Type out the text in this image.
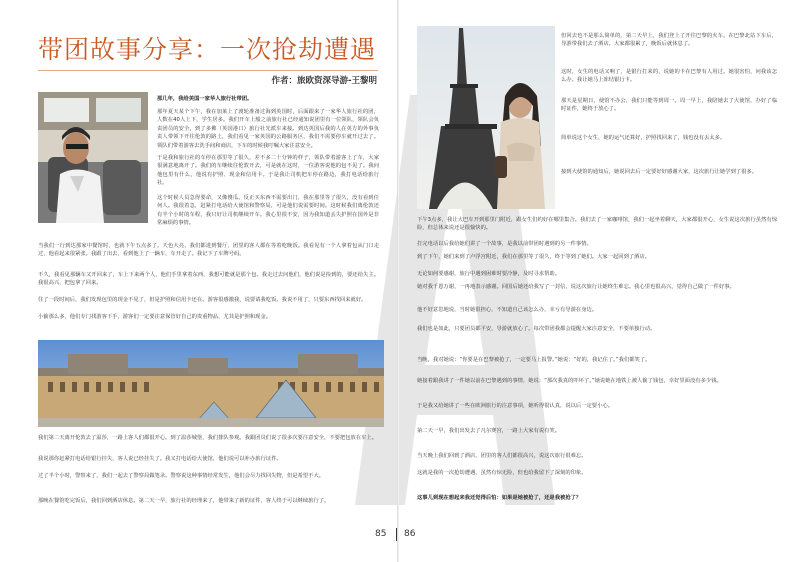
带团故事分享：一次抢劫遭遇
作者：旅欧资深导游-王黎明
那几年，我给美国一家华人旅行社带团。
那年夏天某个下午，我在加莱上了渡轮准备过海到英国时，后面跟来了一家华人旅行社的团，人数在40人上下，学生居多。我们开车上船之前旅行社已经通知说团里有一位领队，领队会负责团员的安全，到了多佛（英国港口）旅行社先派车来接。到达英国后我的人在英方的外事负责人带领下开往伦敦的路上，我们看见一家英国的公路服务区，我们不需要停车就开过去了。领队们带着游客去洗手间和商店，下车的时候我叮嘱大家注意安全。
于是我和旅行社的车停在那里等了很久，差不多二十分钟的样子，领队带着游客上了车，大家很满意地离开了。我们的车继续往伦敦开去，可是就在这时，一位游客说他的包不见了。我问他包里有什么，他说有护照、现金和信用卡。于是我让司机把车停在路边，我打电话给旅行社。
这个时候人员急得要命，又像傻瓜，反正买东西不需要出门，我在那里等了很久，没有看到任何人。我很着急，赶紧打电话给大使馆和警察局，可是他们说需要时间。这时候我们离伦敦还有半个小时的车程，我只好让司机继续开车。我心里很不安，因为我知道丢失护照在国外是非常麻烦的事情。
当我们一行到达那家中餐馆时，也就下午五点多了。天色大亮，我们都进到餐厅，团里的客人都在等着吃晚饭。我看见有一个人拿着包从门口走过，他看起来很紧张。我跟了出去，看到他上了一辆车，车开走了。我记下了车牌号码。
不久，我看见那辆车又开回来了，车上下来两个人，他们手里拿着东西，我想可能就是那个包。我走过去问他们，他们说是捡到的，要还给失主。我很高兴，把包拿了回来。
住了一段时间后，我们发现包里的现金不见了，但是护照和信用卡还在。游客很感激我，说要请我吃饭。我说不用了，只要东西找回来就好。
小偷那么多，他们专门找游客下手，游客们一定要注意保管好自己的贵重物品，尤其是护照和现金。
我们第二天离开伦敦去了温莎，一路上客人们都很开心。到了温莎城堡，我们排队参观。我跟团员们说了很多次要注意安全，不要把包放在车上。
我说那你赶紧打电话给银行挂失，客人说已经挂失了。我又打电话给大使馆，他们说可以补办旅行证件。
过了半个小时，警察来了，我们一起去了警察局做笔录。警察说这种事情经常发生，他们会尽力找回失物，但是希望不大。
那晚在餐馆吃完饭后，我们回到酒店休息。第二天一早，旅行社的经理来了，他带来了新的证件，客人终于可以继续旅行了。
85
但回去也不是那么简单的，第二天早上，我们登上了开往巴黎的火车。在巴黎北站下车后，导游带我们去了酒店。大家都很累了，晚饭后就休息了。
这时，女生的电话又响了，是银行打来的，说她的卡在巴黎有人用过。她很害怕，问我该怎么办。我让她马上冻结银行卡。
那天是星期日，使馆不办公，我们只能等到周一。周一早上，我陪她去了大使馆，办好了临时证件，她终于放心了。
简单说这个女生，她的运气还算好，护照找回来了，钱也没有丢太多。
接到大使馆的通知后，她说回去后一定要好好感谢大家，这次旅行让她学到了很多。
下午3点多，我让大巴车开到那里门附近，跟女生们约好在哪里集合。我们去了一家咖啡馆，我们一起坐着聊天，大家都很开心，女生说这次旅行虽然有惊险，但总体来说还是很愉快的。
打完电话以后我给她们讲了一个故事，是我以前带团时遇到的另一件事情。
到了下午，她们来到了卢浮宫附近，我们在那里等了很久，终于等到了她们。大家一起回到了酒店。
无论如何要感谢，旅行中遇到困难时要冷静，及时寻求帮助。
她对我千恩万谢，一再地表示感谢。回国后她还给我写了一封信，说这次旅行让她终生难忘。我心里也很高兴，觉得自己做了一件好事。
他不好意思地说，当时她很担心，不知道自己该怎么办，幸亏有导游在身边。
我们也是如此，只要团员都平安，导游就放心了。每次带团我都会提醒大家注意安全，不要单独行动。
当晚，我对她说：“你要是在巴黎被抢了，一定要马上报警。”她说：“好的，我记住了。”我们都笑了。
她接着跟我讲了一件她以前在巴黎遇到的事情，她说：“那次我真的吓坏了。”她说她在地铁上被人偷了钱包，幸好里面没有多少钱。
于是我又给她讲了一些在欧洲旅行的注意事项，她听得很认真，说以后一定要小心。
第二天一早，我们出发去了凡尔赛宫，一路上大家有说有笑。
当天晚上我们回到了酒店，团里的客人们都很高兴，说这次旅行很难忘。
这就是我的一次抢劫遭遇，虽然有惊无险，但也给我留下了深刻的印象。
这事儿到现在想起来我还觉得后怕：如果是她被抢了，还是我被抢了？
86
